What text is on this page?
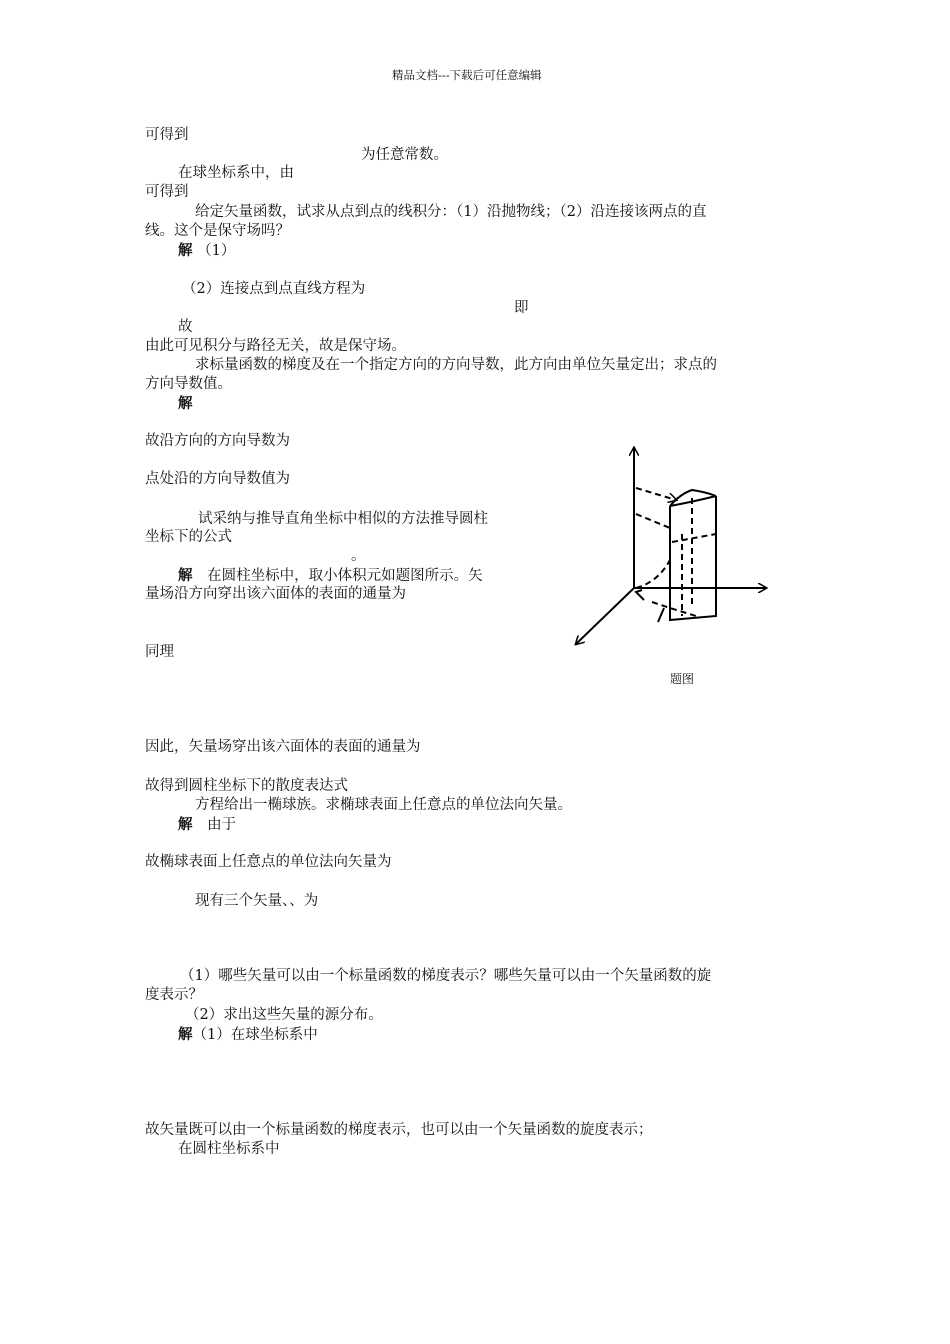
精品文档---下载后可任意编辑
可得到
为任意常数。
在球坐标系中，由
可得到
给定矢量函数，试求从点到点的线积分：（1）沿抛物线；（2）沿连接该两点的直
线。这个是保守场吗？
解 （1）
（2）连接点到点直线方程为
即
故
由此可见积分与路径无关，故是保守场。
求标量函数的梯度及在一个指定方向的方向导数，此方向由单位矢量定出；求点的
方向导数值。
解
故沿方向的方向导数为
点处沿的方向导数值为
试采纳与推导直角坐标中相似的方法推导圆柱
坐标下的公式
。
解 在圆柱坐标中，取小体积元如题图所示。矢
量场沿方向穿出该六面体的表面的通量为
同理
题图
因此，矢量场穿出该六面体的表面的通量为
故得到圆柱坐标下的散度表达式
方程给出一椭球族。求椭球表面上任意点的单位法向矢量。
解 由于
故椭球表面上任意点的单位法向矢量为
现有三个矢量、、为
（1）哪些矢量可以由一个标量函数的梯度表示？哪些矢量可以由一个矢量函数的旋
度表示？
（2）求出这些矢量的源分布。
解（1）在球坐标系中
故矢量既可以由一个标量函数的梯度表示，也可以由一个矢量函数的旋度表示；
在圆柱坐标系中
